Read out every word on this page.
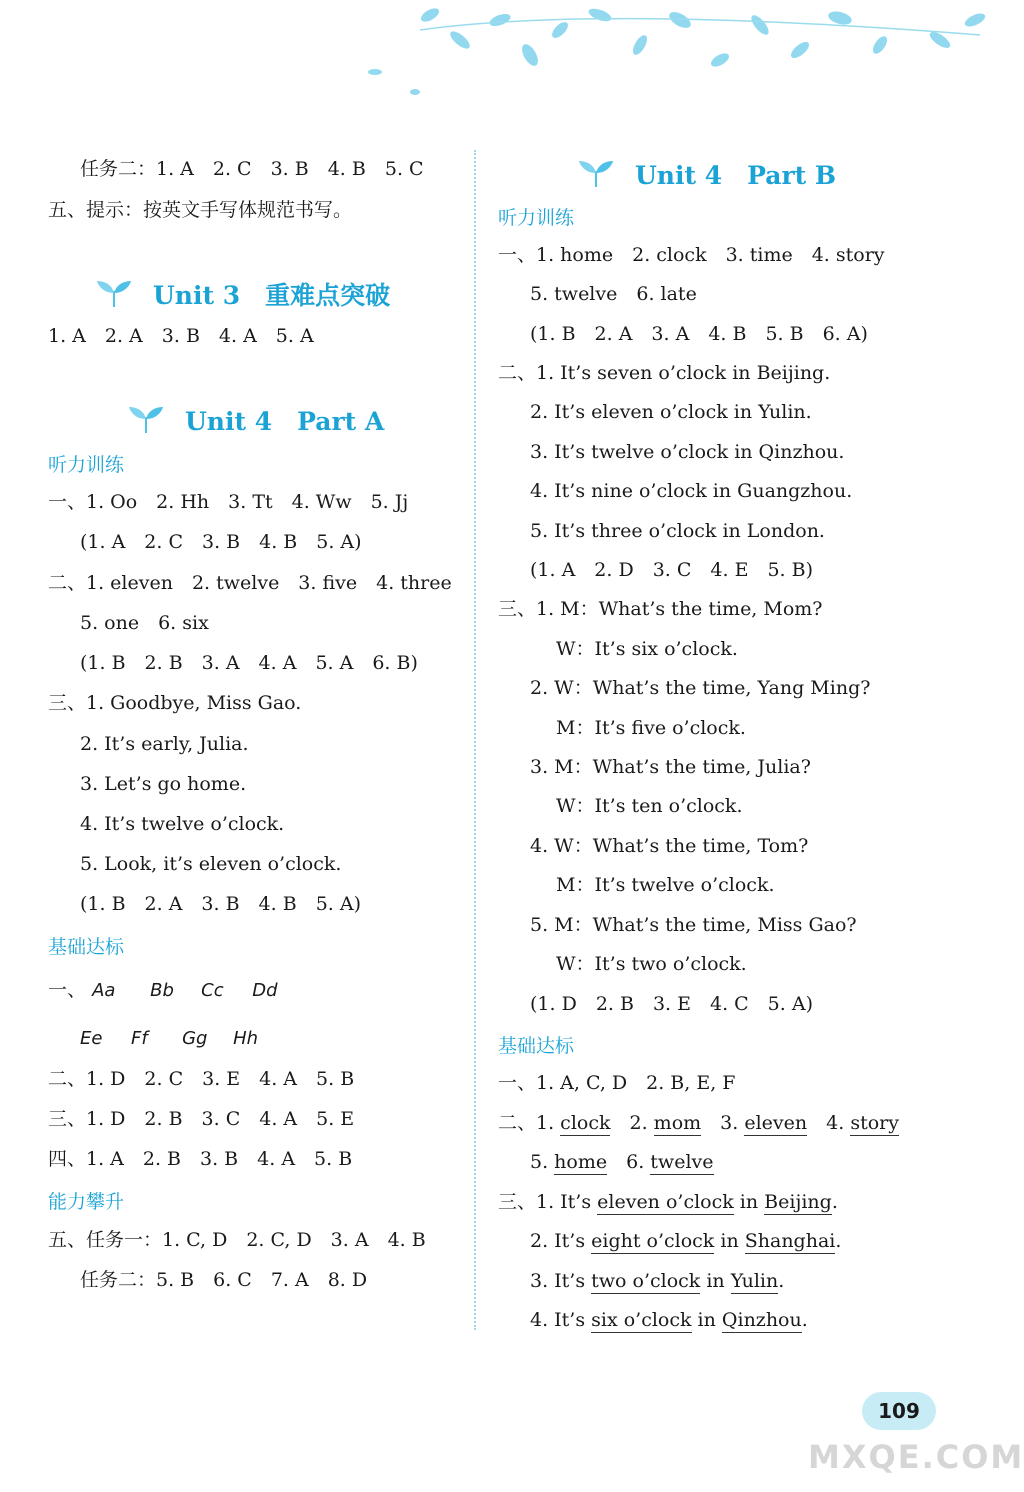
任务二：1. A　2. C　3. B　4. B　5. C
五、提示：按英文手写体规范书写。
Unit 3　重难点突破
1. A　2. A　3. B　4. A　5. A
Unit 4　Part A
听力训练
一、1. Oo　2. Hh　3. Tt　4. Ww　5. Jj
(1. A　2. C　3. B　4. B　5. A)
二、1. eleven　2. twelve　3. five　4. three
5. one　6. six
(1. B　2. B　3. A　4. A　5. A　6. B)
三、1. Goodbye, Miss Gao.
2. It’s early, Julia.
3. Let’s go home.
4. It’s twelve o’clock.
5. Look, it’s eleven o’clock.
(1. B　2. A　3. B　4. B　5. A)
基础达标
一、 Aa Bb Cc Dd
Ee Ff Gg Hh
二、1. D　2. C　3. E　4. A　5. B
三、1. D　2. B　3. C　4. A　5. E
四、1. A　2. B　3. B　4. A　5. B
能力攀升
五、任务一：1. C, D　2. C, D　3. A　4. B
任务二：5. B　6. C　7. A　8. D
Unit 4　Part B
听力训练
一、1. home　2. clock　3. time　4. story
5. twelve　6. late
(1. B　2. A　3. A　4. B　5. B　6. A)
二、1. It’s seven o’clock in Beijing.
2. It’s eleven o’clock in Yulin.
3. It’s twelve o’clock in Qinzhou.
4. It’s nine o’clock in Guangzhou.
5. It’s three o’clock in London.
(1. A　2. D　3. C　4. E　5. B)
三、1. M：What’s the time, Mom?
W：It’s six o’clock.
2. W：What’s the time, Yang Ming?
M：It’s five o’clock.
3. M：What’s the time, Julia?
W：It’s ten o’clock.
4. W：What’s the time, Tom?
M：It’s twelve o’clock.
5. M：What’s the time, Miss Gao?
W：It’s two o’clock.
(1. D　2. B　3. E　4. C　5. A)
基础达标
一、1. A, C, D　2. B, E, F
二、1. clock　 2. mom　 3. eleven　 4. story
5. home　 6. twelve
三、1. It’s eleven o’clock in Beijing.
2. It’s eight o’clock in Shanghai.
3. It’s two o’clock in Yulin.
4. It’s six o’clock in Qinzhou.
109
MXQE.COM
